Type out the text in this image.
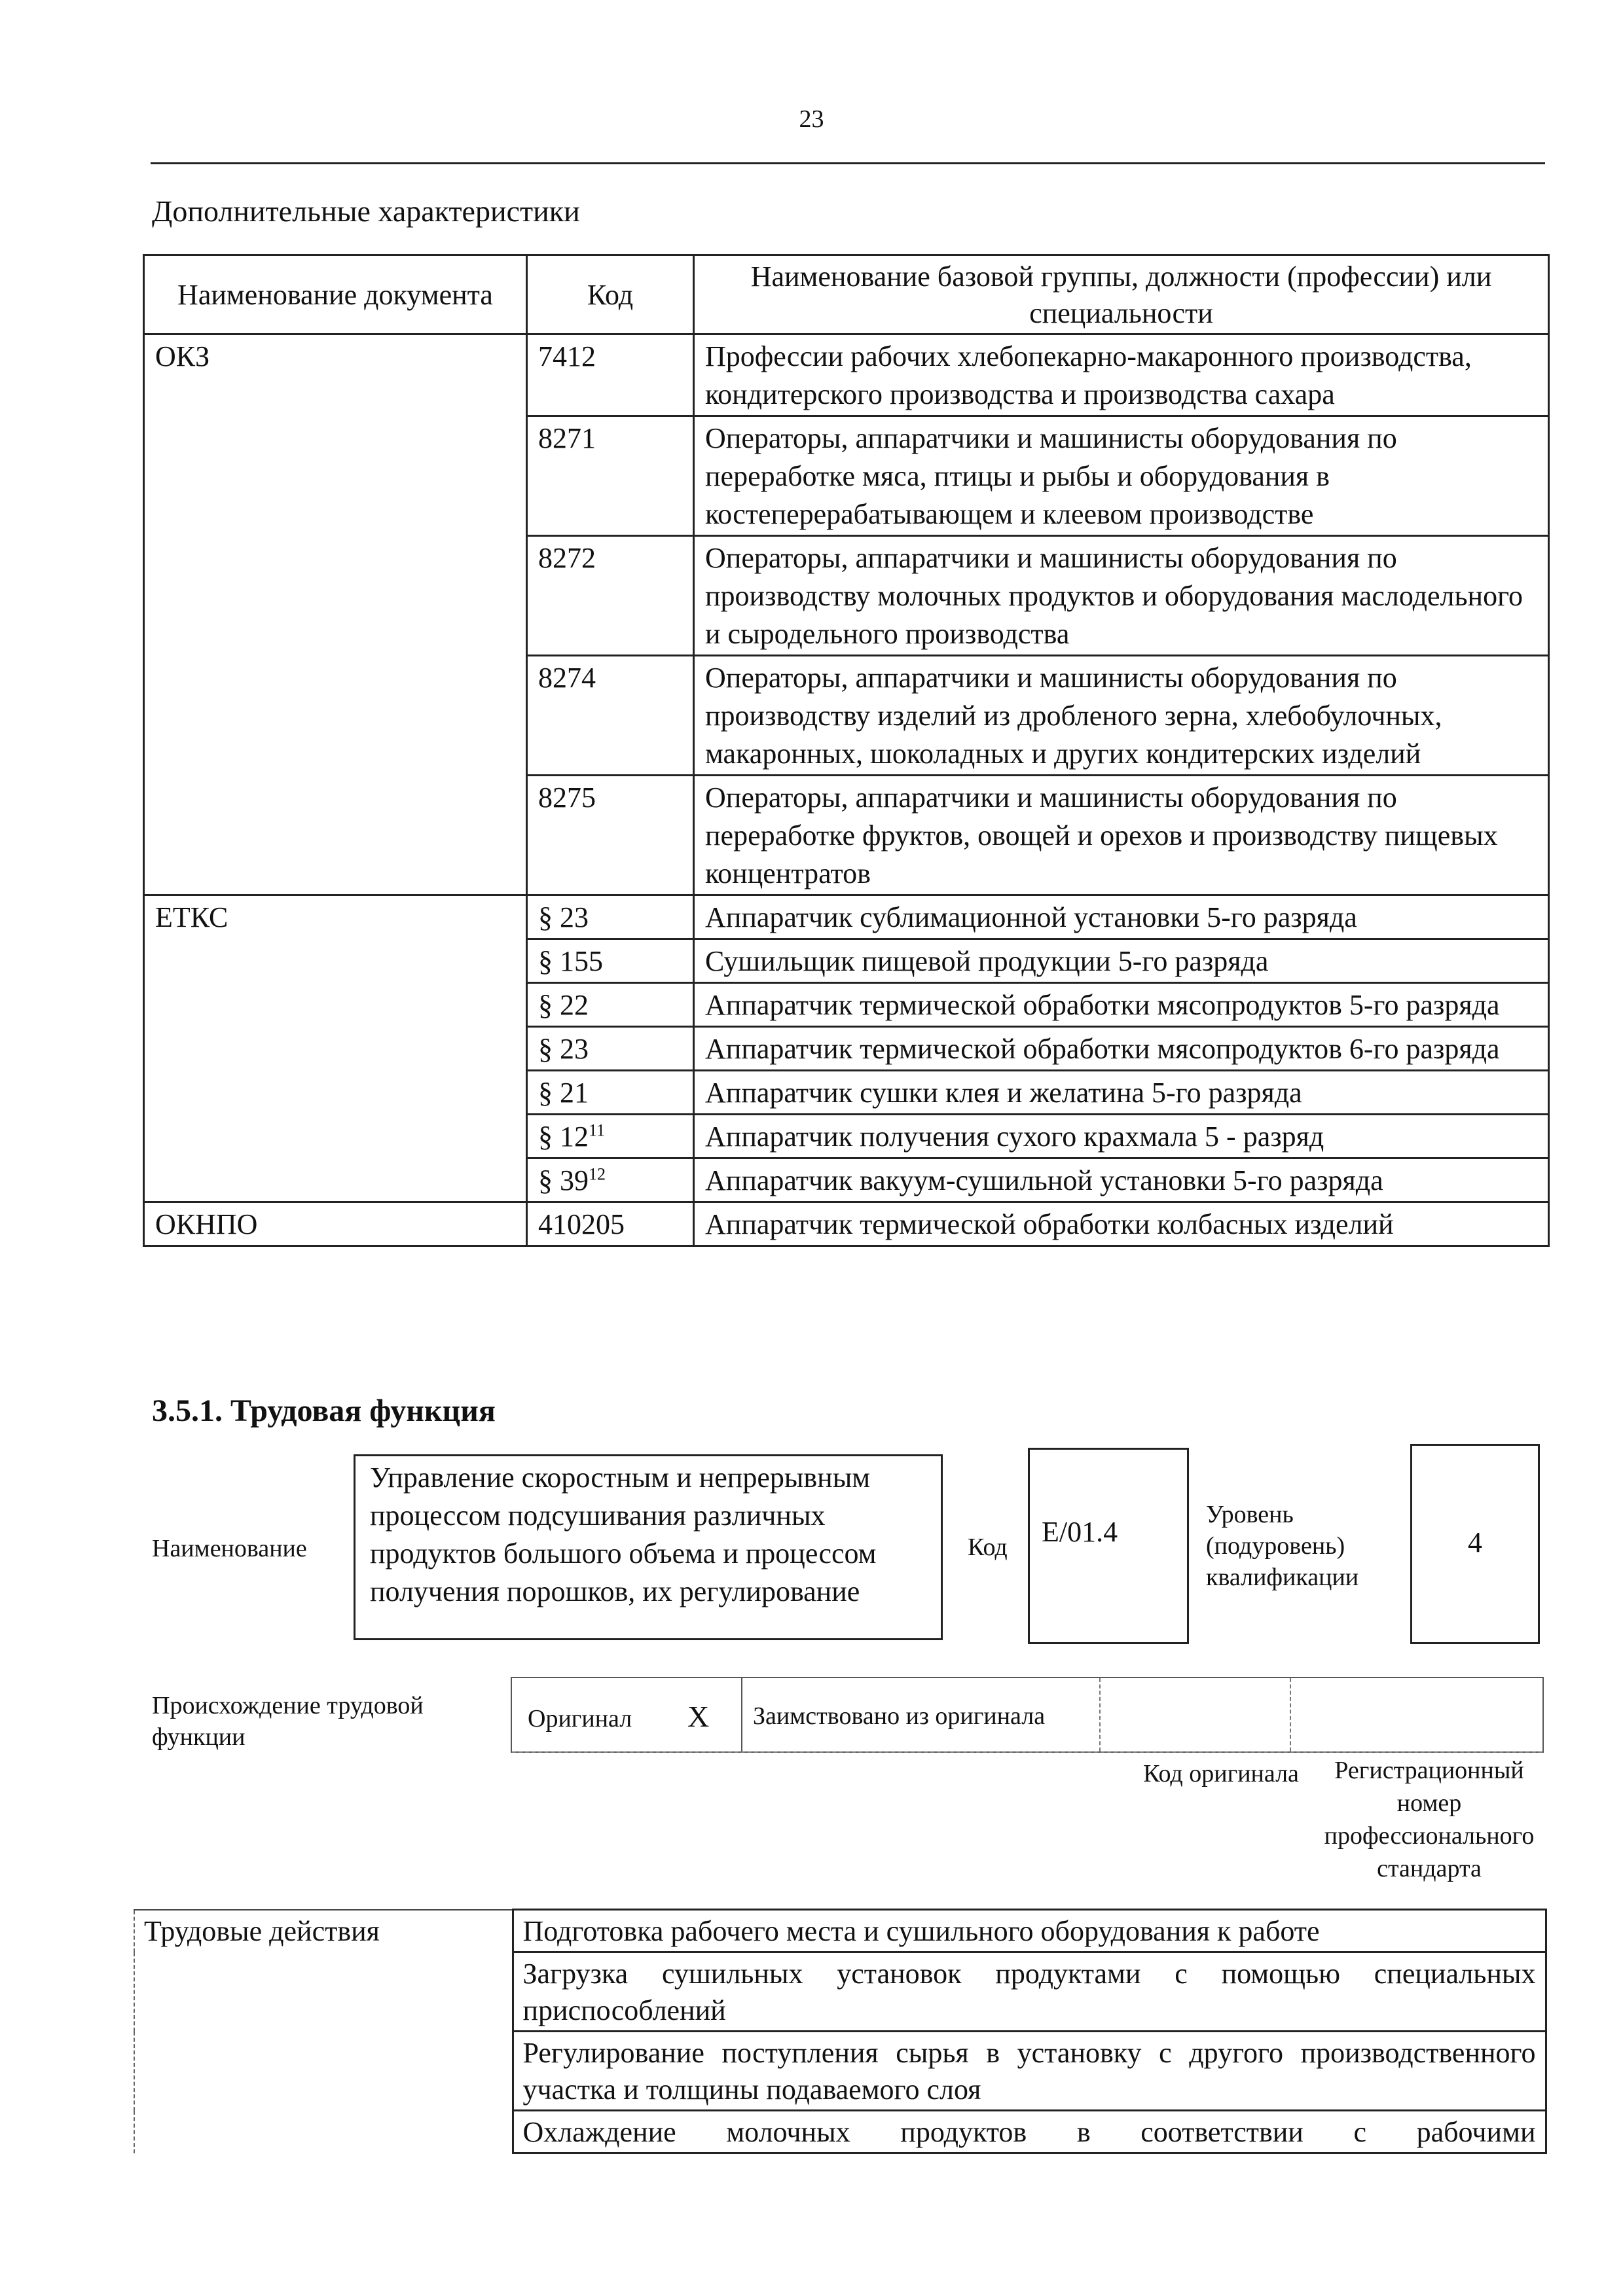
23
Дополнительные характеристики
Наименование документа	Код	Наименование базовой группы, должности (профессии) или специальности
ОКЗ	7412	Профессии рабочих хлебопекарно-макаронного производства, кондитерского производства и производства сахара
	8271	Операторы, аппаратчики и машинисты оборудования по переработке мяса, птицы и рыбы и оборудования в костеперерабатывающем и клеевом производстве
	8272	Операторы, аппаратчики и машинисты оборудования по производству молочных продуктов и оборудования маслодельного и сыродельного производства
	8274	Операторы, аппаратчики и машинисты оборудования по производству изделий из дробленого зерна, хлебобулочных, макаронных, шоколадных и других кондитерских изделий
	8275	Операторы, аппаратчики и машинисты оборудования по переработке фруктов, овощей и орехов и производству пищевых концентратов
ЕТКС	§ 23	Аппаратчик сублимационной установки 5-го разряда
	§ 155	Сушильщик пищевой продукции 5-го разряда
	§ 22	Аппаратчик термической обработки мясопродуктов 5-го разряда
	§ 23	Аппаратчик термической обработки мясопродуктов 6-го разряда
	§ 21	Аппаратчик сушки клея и желатина 5-го разряда
	§ $12^{11}$	Аппаратчик получения сухого крахмала 5 - разряд
	§ $39^{12}$	Аппаратчик вакуум-сушильной установки 5-го разряда
ОКНПО	410205	Аппаратчик термической обработки колбасных изделий
3.5.1. Трудовая функция
Наименование
Управление скоростным и непрерывным процессом подсушивания различных продуктов большого объема и процессом получения порошков, их регулирование
Код	E/01.4
Уровень (подуровень) квалификации
4
Происхождение трудовой функции
Оригинал X Заимствовано из оригинала
Код оригинала	Регистрационный номер профессионального стандарта
Трудовые действия	Подготовка рабочего места и сушильного оборудования к работе
Загрузка сушильных установок продуктами с помощью специальных приспособлений
Регулирование поступления сырья в установку с другого производственного участка и толщины подаваемого слоя
Охлаждение молочных продуктов в соответствии с рабочими
